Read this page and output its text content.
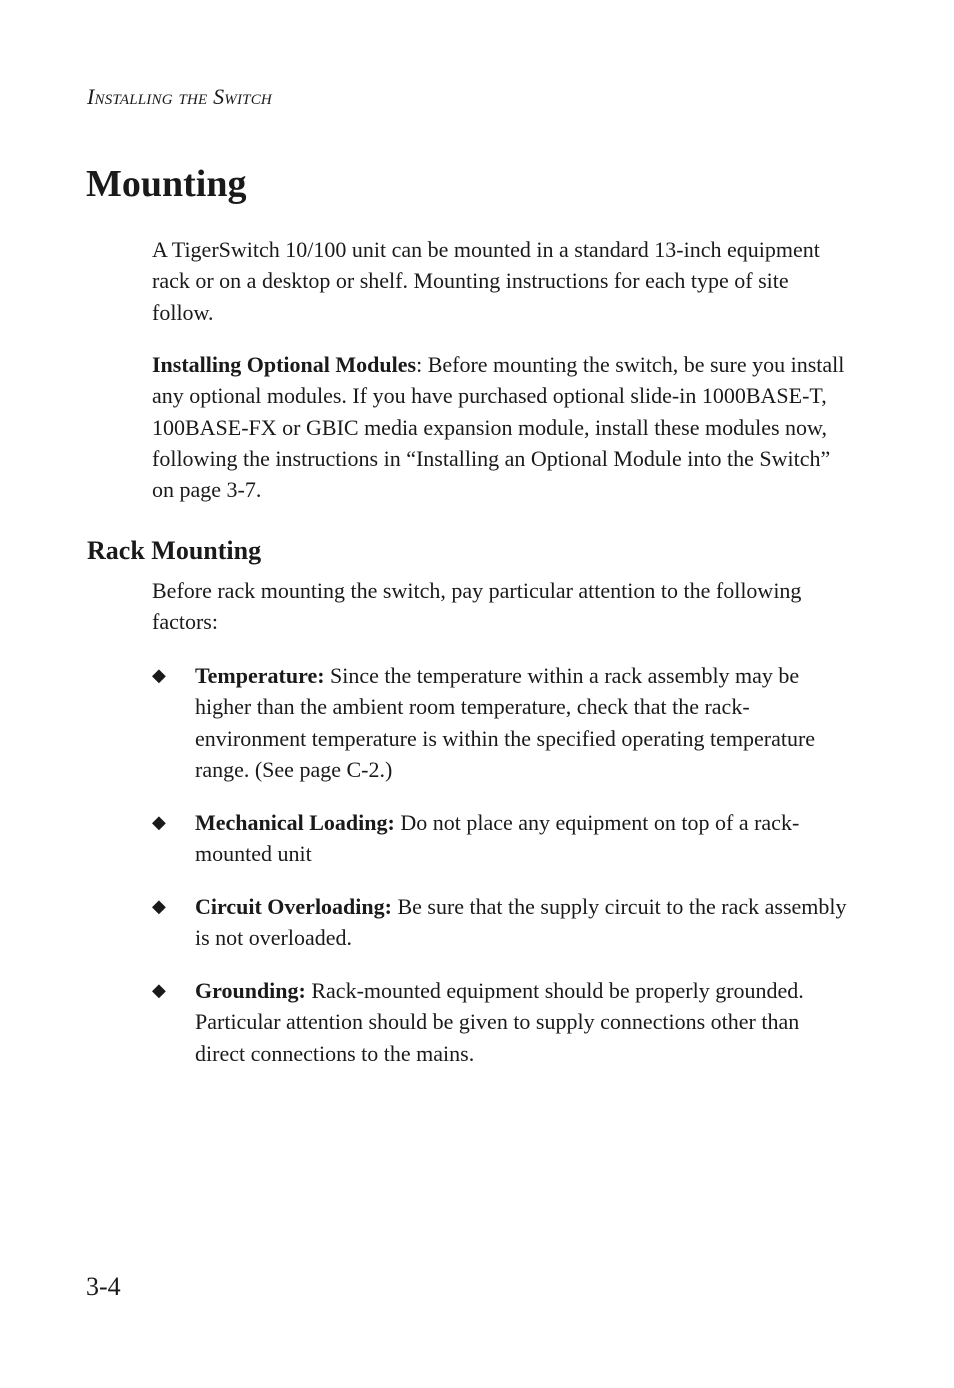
Installing the Switch
Mounting

A TigerSwitch 10/100 unit can be mounted in a standard 13-inch equipment rack or on a desktop or shelf. Mounting instructions for each type of site follow.

Installing Optional Modules: Before mounting the switch, be sure you install any optional modules. If you have purchased optional slide-in 1000BASE-T, 100BASE-FX or GBIC media expansion module, install these modules now, following the instructions in “Installing an Optional Module into the Switch” on page 3-7.

Rack Mounting

Before rack mounting the switch, pay particular attention to the following factors:

◆ Temperature: Since the temperature within a rack assembly may be higher than the ambient room temperature, check that the rack-environment temperature is within the specified operating temperature range. (See page C-2.)
◆ Mechanical Loading: Do not place any equipment on top of a rack-mounted unit
◆ Circuit Overloading: Be sure that the supply circuit to the rack assembly is not overloaded.
◆ Grounding: Rack-mounted equipment should be properly grounded. Particular attention should be given to supply connections other than direct connections to the mains.
3-4
